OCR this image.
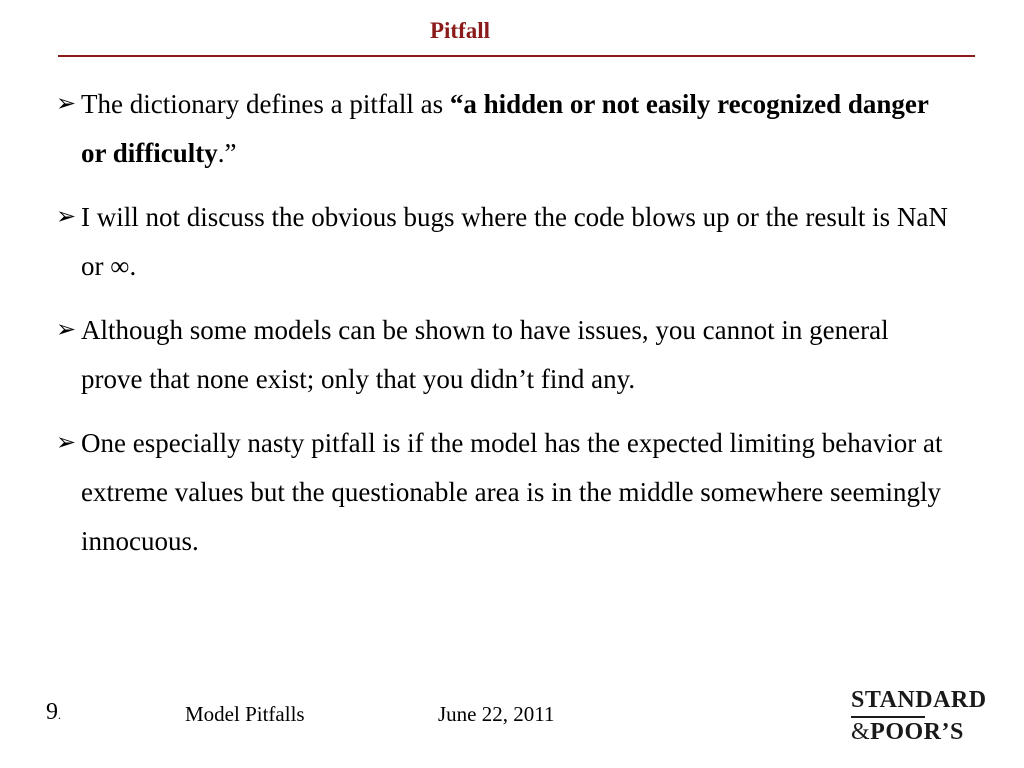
Pitfall
➢ The dictionary defines a pitfall as “a hidden or not easily recognized danger or difficulty.”
➢ I will not discuss the obvious bugs where the code blows up or the result is NaN or ∞.
➢ Although some models can be shown to have issues, you cannot in general prove that none exist; only that you didn’t find any.
➢ One especially nasty pitfall is if the model has the expected limiting behavior at extreme values but the questionable area is in the middle somewhere seemingly innocuous.
9.	Model Pitfalls	June 22, 2011
STANDARD
&POOR’S
